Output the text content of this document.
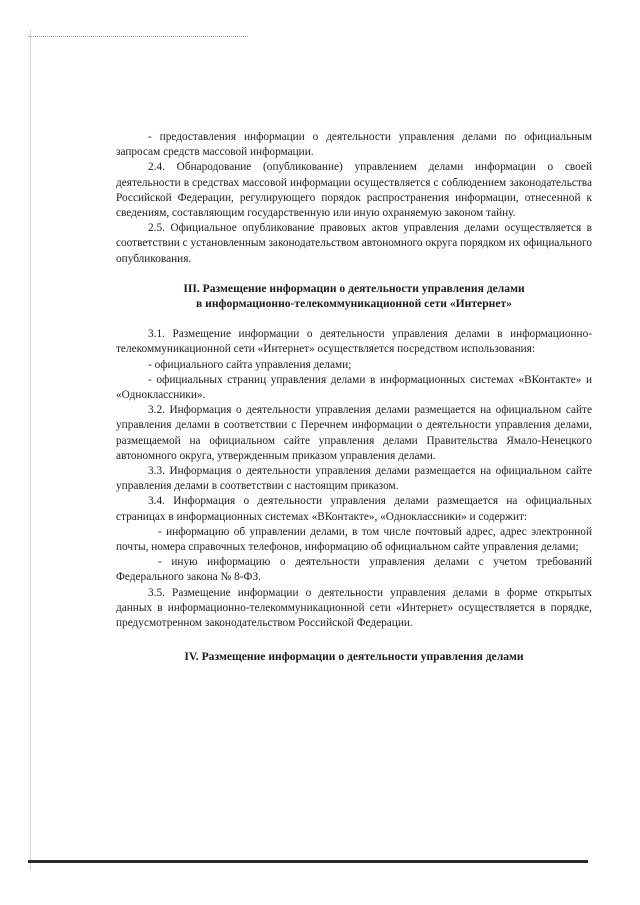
- предоставления информации о деятельности управления делами по официальным запросам средств массовой информации.

2.4. Обнародование (опубликование) управлением делами информации о своей деятельности в средствах массовой информации осуществляется с соблюдением законодательства Российской Федерации, регулирующего порядок распространения информации, отнесенной к сведениям, составляющим государственную или иную охраняемую законом тайну.

2.5. Официальное опубликование правовых актов управления делами осуществляется в соответствии с установленным законодательством автономного округа порядком их официального опубликования.

III. Размещение информации о деятельности управления делами
в информационно-телекоммуникационной сети «Интернет»

3.1. Размещение информации о деятельности управления делами в информационно-телекоммуникационной сети «Интернет» осуществляется посредством использования:

- официального сайта управления делами;

- официальных страниц управления делами в информационных системах «ВКонтакте» и «Одноклассники».

3.2. Информация о деятельности управления делами размещается на официальном сайте управления делами в соответствии с Перечнем информации о деятельности управления делами, размещаемой на официальном сайте управления делами Правительства Ямало-Ненецкого автономного округа, утвержденным приказом управления делами.

3.3. Информация о деятельности управления делами размещается на официальном сайте управления делами в соответствии с настоящим приказом.

3.4. Информация о деятельности управления делами размещается на официальных страницах в информационных системах «ВКонтакте», «Одноклассники» и содержит:

- информацию об управлении делами, в том числе почтовый адрес, адрес электронной почты, номера справочных телефонов, информацию об официальном сайте управления делами;

- иную информацию о деятельности управления делами с учетом требований Федерального закона № 8-ФЗ.

3.5. Размещение информации о деятельности управления делами в форме открытых данных в информационно-телекоммуникационной сети «Интернет» осуществляется в порядке, предусмотренном законодательством Российской Федерации.

IV. Размещение информации о деятельности управления делами
